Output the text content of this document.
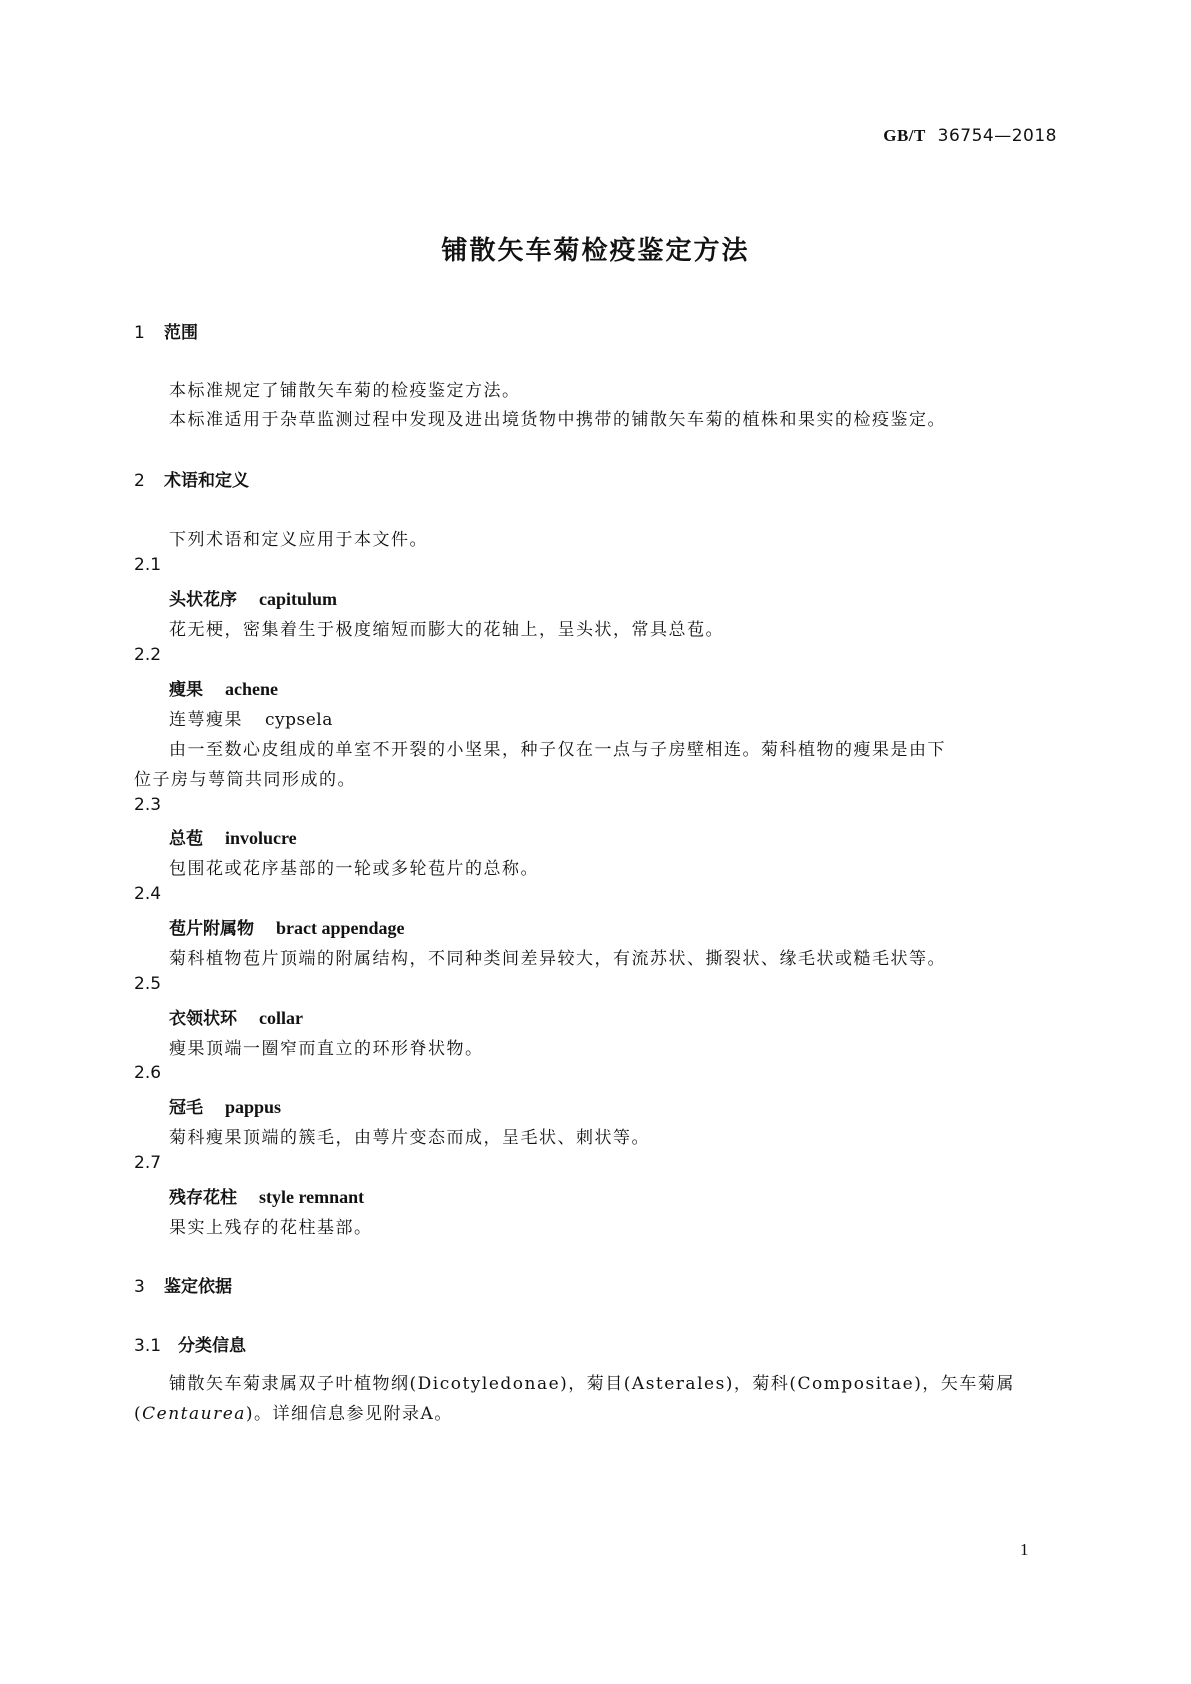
GB/T 36754—2018
铺散矢车菊检疫鉴定方法
1 范围
本标准规定了铺散矢车菊的检疫鉴定方法。
本标准适用于杂草监测过程中发现及进出境货物中携带的铺散矢车菊的植株和果实的检疫鉴定。
2 术语和定义
下列术语和定义应用于本文件。
2.1
头状花序 capitulum
花无梗，密集着生于极度缩短而膨大的花轴上，呈头状，常具总苞。
2.2
瘦果 achene
连萼瘦果 cypsela
由一至数心皮组成的单室不开裂的小坚果，种子仅在一点与子房壁相连。菊科植物的瘦果是由下
位子房与萼筒共同形成的。
2.3
总苞 involucre
包围花或花序基部的一轮或多轮苞片的总称。
2.4
苞片附属物 bract appendage
菊科植物苞片顶端的附属结构，不同种类间差异较大，有流苏状、撕裂状、缘毛状或糙毛状等。
2.5
衣领状环 collar
瘦果顶端一圈窄而直立的环形脊状物。
2.6
冠毛 pappus
菊科瘦果顶端的簇毛，由萼片变态而成，呈毛状、刺状等。
2.7
残存花柱 style remnant
果实上残存的花柱基部。
3 鉴定依据
3.1 分类信息
铺散矢车菊隶属双子叶植物纲(Dicotyledonae)，菊目(Asterales)，菊科(Compositae)，矢车菊属
(Centaurea)。详细信息参见附录A。
1
